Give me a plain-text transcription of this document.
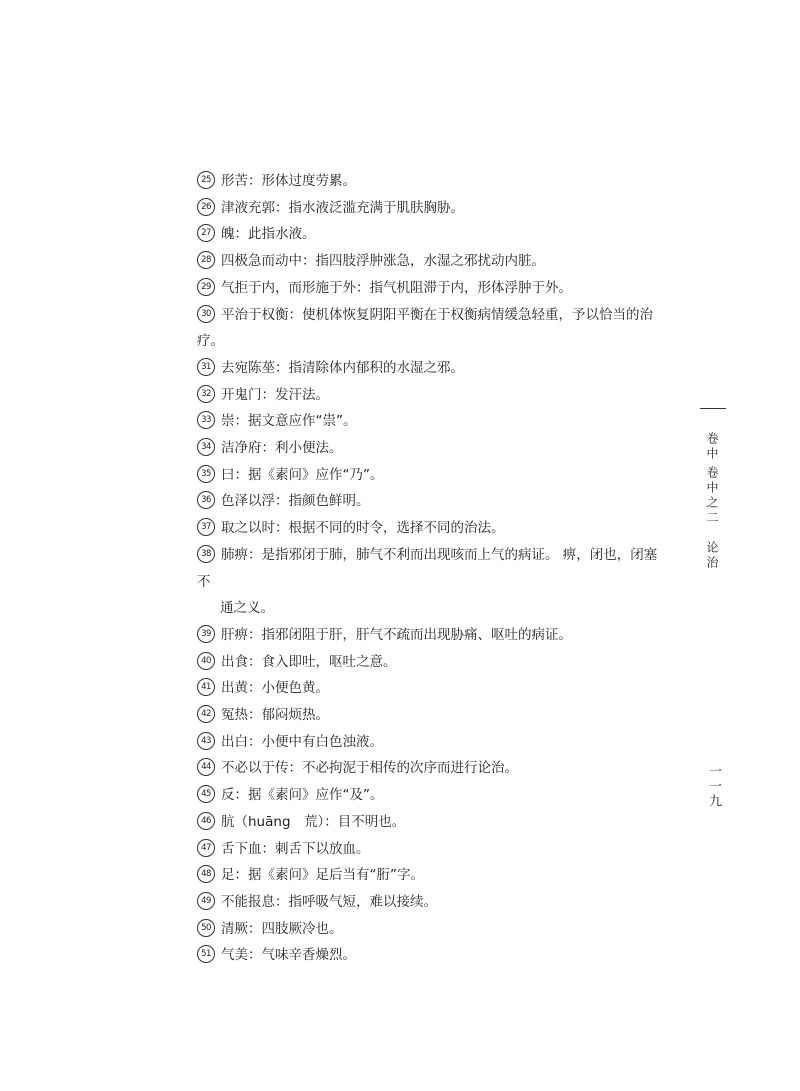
25 形苦：形体过度劳累。
26 津液充郭：指水液泛滥充满于肌肤胸胁。
27 魄：此指水液。
28 四极急而动中：指四肢浮肿涨急，水湿之邪扰动内脏。
29 气拒于内，而形施于外：指气机阻滞于内，形体浮肿于外。
30 平治于权衡：使机体恢复阴阳平衡在于权衡病情缓急轻重，予以恰当的治疗。
31 去宛陈莝：指清除体内郁积的水湿之邪。
32 开鬼门：发汗法。
33 崇：据文意应作“祟”。
34 洁净府：利小便法。
35 曰：据《素问》应作“乃”。
36 色泽以浮：指颜色鲜明。
37 取之以时：根据不同的时令，选择不同的治法。
38 肺痹：是指邪闭于肺，肺气不利而出现咳而上气的病证。 痹，闭也，闭塞不
通之义。
39 肝痹：指邪闭阻于肝，肝气不疏而出现胁痛、呕吐的病证。
40 出食：食入即吐，呕吐之意。
41 出黄：小便色黄。
42 冤热：郁闷烦热。
43 出白：小便中有白色浊液。
44 不必以于传：不必拘泥于相传的次序而进行论治。
45 反：据《素问》应作“及”。
46 肮（huāng　荒）：目不明也。
47 舌下血：刺舌下以放血。
48 足：据《素问》足后当有“胻”字。
49 不能报息：指呼吸气短，难以接续。
50 清厥：四肢厥冷也。
51 气美：气味辛香燥烈。
卷中
卷中之二　论治
一一九
